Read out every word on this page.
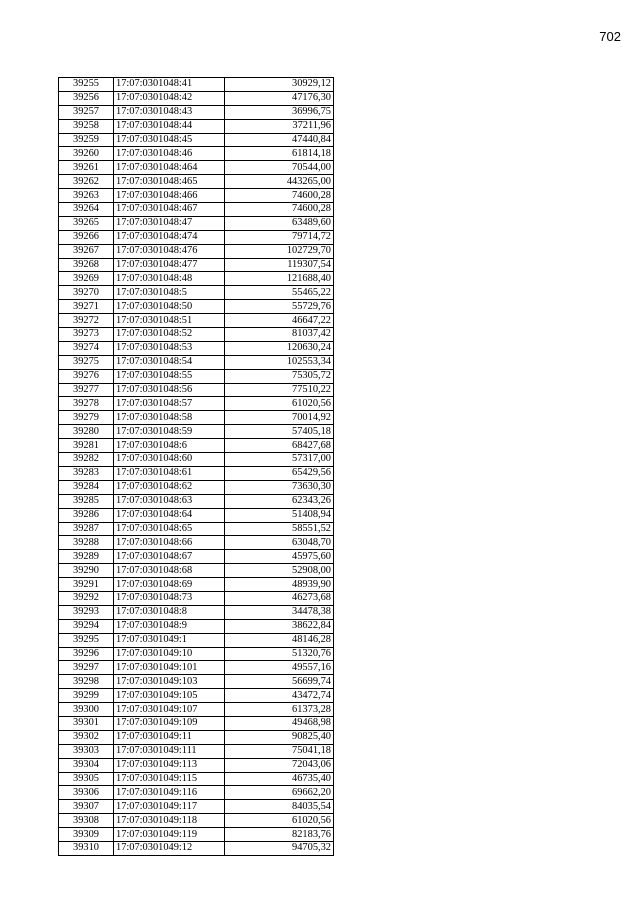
702
39255	17:07:0301048:41	30929,12
39256	17:07:0301048:42	47176,30
39257	17:07:0301048:43	36996,75
39258	17:07:0301048:44	37211,96
39259	17:07:0301048:45	47440,84
39260	17:07:0301048:46	61814,18
39261	17:07:0301048:464	70544,00
39262	17:07:0301048:465	443265,00
39263	17:07:0301048:466	74600,28
39264	17:07:0301048:467	74600,28
39265	17:07:0301048:47	63489,60
39266	17:07:0301048:474	79714,72
39267	17:07:0301048:476	102729,70
39268	17:07:0301048:477	119307,54
39269	17:07:0301048:48	121688,40
39270	17:07:0301048:5	55465,22
39271	17:07:0301048:50	55729,76
39272	17:07:0301048:51	46647,22
39273	17:07:0301048:52	81037,42
39274	17:07:0301048:53	120630,24
39275	17:07:0301048:54	102553,34
39276	17:07:0301048:55	75305,72
39277	17:07:0301048:56	77510,22
39278	17:07:0301048:57	61020,56
39279	17:07:0301048:58	70014,92
39280	17:07:0301048:59	57405,18
39281	17:07:0301048:6	68427,68
39282	17:07:0301048:60	57317,00
39283	17:07:0301048:61	65429,56
39284	17:07:0301048:62	73630,30
39285	17:07:0301048:63	62343,26
39286	17:07:0301048:64	51408,94
39287	17:07:0301048:65	58551,52
39288	17:07:0301048:66	63048,70
39289	17:07:0301048:67	45975,60
39290	17:07:0301048:68	52908,00
39291	17:07:0301048:69	48939,90
39292	17:07:0301048:73	46273,68
39293	17:07:0301048:8	34478,38
39294	17:07:0301048:9	38622,84
39295	17:07:0301049:1	48146,28
39296	17:07:0301049:10	51320,76
39297	17:07:0301049:101	49557,16
39298	17:07:0301049:103	56699,74
39299	17:07:0301049:105	43472,74
39300	17:07:0301049:107	61373,28
39301	17:07:0301049:109	49468,98
39302	17:07:0301049:11	90825,40
39303	17:07:0301049:111	75041,18
39304	17:07:0301049:113	72043,06
39305	17:07:0301049:115	46735,40
39306	17:07:0301049:116	69662,20
39307	17:07:0301049:117	84035,54
39308	17:07:0301049:118	61020,56
39309	17:07:0301049:119	82183,76
39310	17:07:0301049:12	94705,32
